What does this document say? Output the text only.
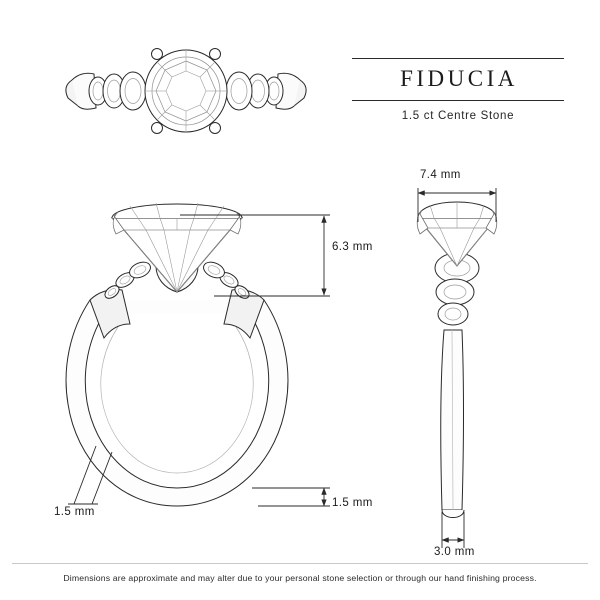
6.3 mm
1.5 mm
1.5 mm
7.4 mm
3.0 mm
FIDUCIA
1.5 ct Centre Stone
Dimensions are approximate and may alter due to your personal stone selection or through our hand finishing process.
